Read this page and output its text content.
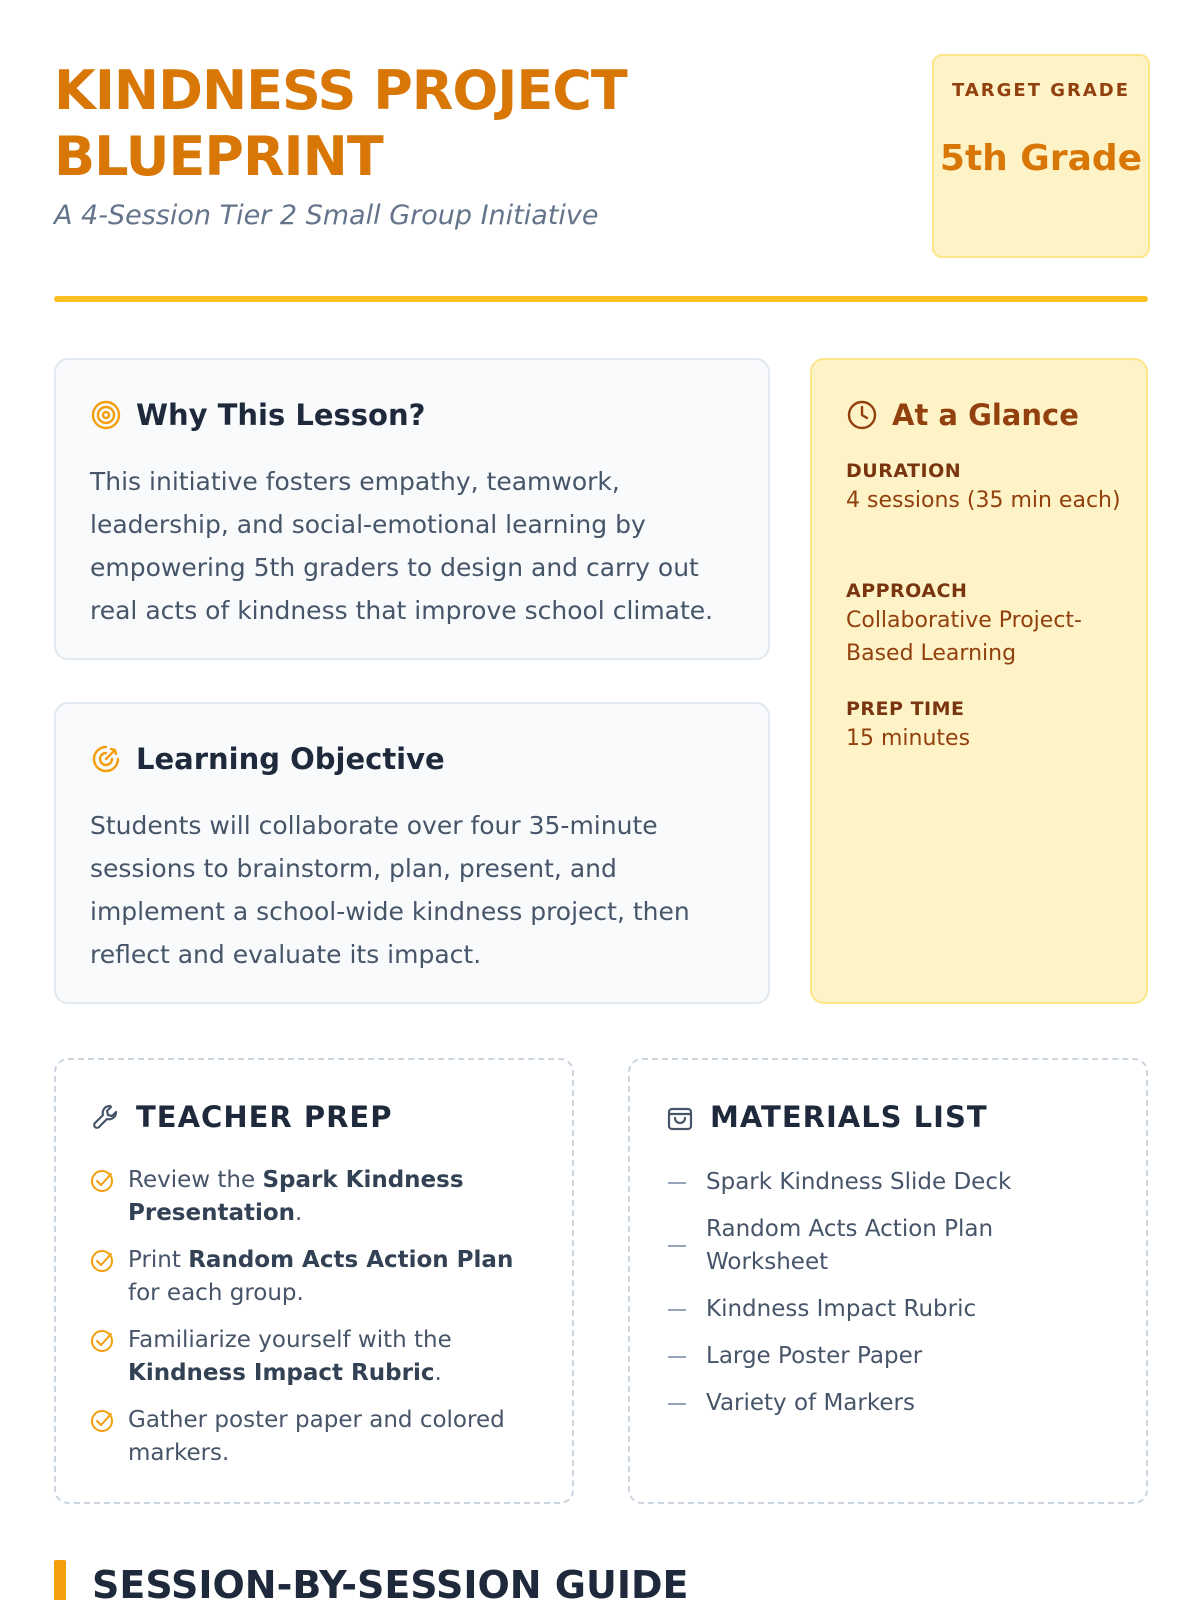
KINDNESS PROJECT BLUEPRINT
A 4-Session Tier 2 Small Group Initiative
TARGET GRADE
5th Grade
Why This Lesson?

This initiative fosters empathy, teamwork, leadership, and social-emotional learning by empowering 5th graders to design and carry out real acts of kindness that improve school climate.

Learning Objective

Students will collaborate over four 35-minute sessions to brainstorm, plan, present, and implement a school-wide kindness project, then reflect and evaluate its impact.

At a Glance
DURATION
4 sessions (35 min each)
APPROACH
Collaborative Project-Based Learning
PREP TIME
15 minutes
TEACHER PREP
Review the Spark Kindness Presentation.
Print Random Acts Action Plan for each group.
Familiarize yourself with the Kindness Impact Rubric.
Gather poster paper and colored markers.
MATERIALS LIST
Spark Kindness Slide Deck
Random Acts Action Plan Worksheet
Kindness Impact Rubric
Large Poster Paper
Variety of Markers
SESSION-BY-SESSION GUIDE
